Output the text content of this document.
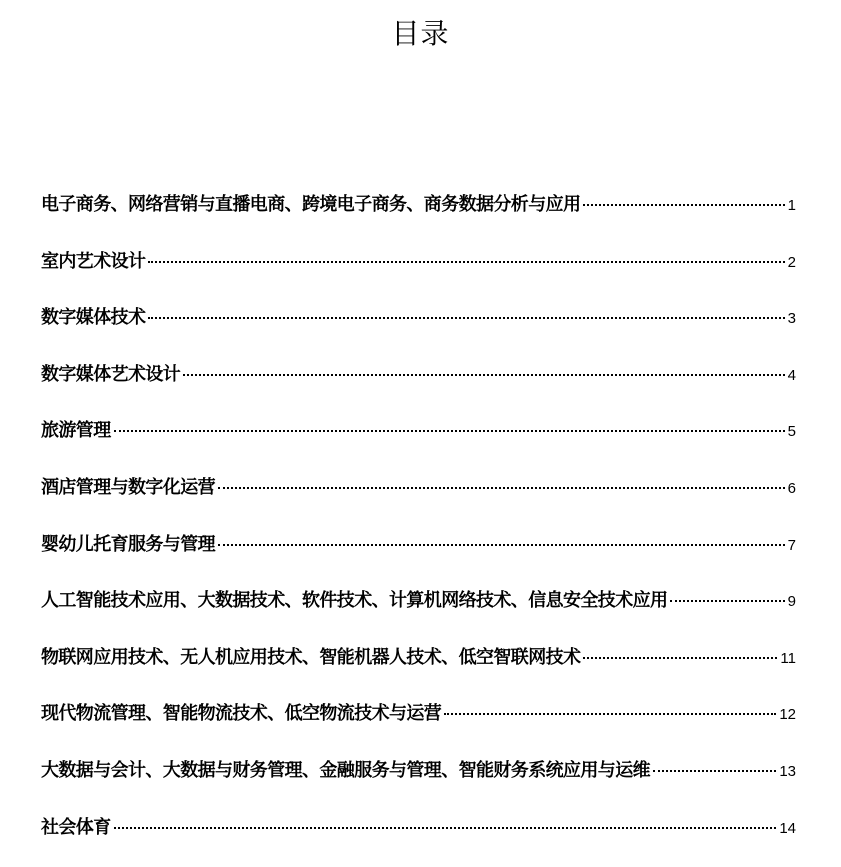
目录
电子商务、网络营销与直播电商、跨境电子商务、商务数据分析与应用	1
室内艺术设计	2
数字媒体技术	3
数字媒体艺术设计	4
旅游管理	5
酒店管理与数字化运营	6
婴幼儿托育服务与管理	7
人工智能技术应用、大数据技术、软件技术、计算机网络技术、信息安全技术应用	9
物联网应用技术、无人机应用技术、智能机器人技术、低空智联网技术	11
现代物流管理、智能物流技术、低空物流技术与运营	12
大数据与会计、大数据与财务管理、金融服务与管理、智能财务系统应用与运维	13
社会体育	14
